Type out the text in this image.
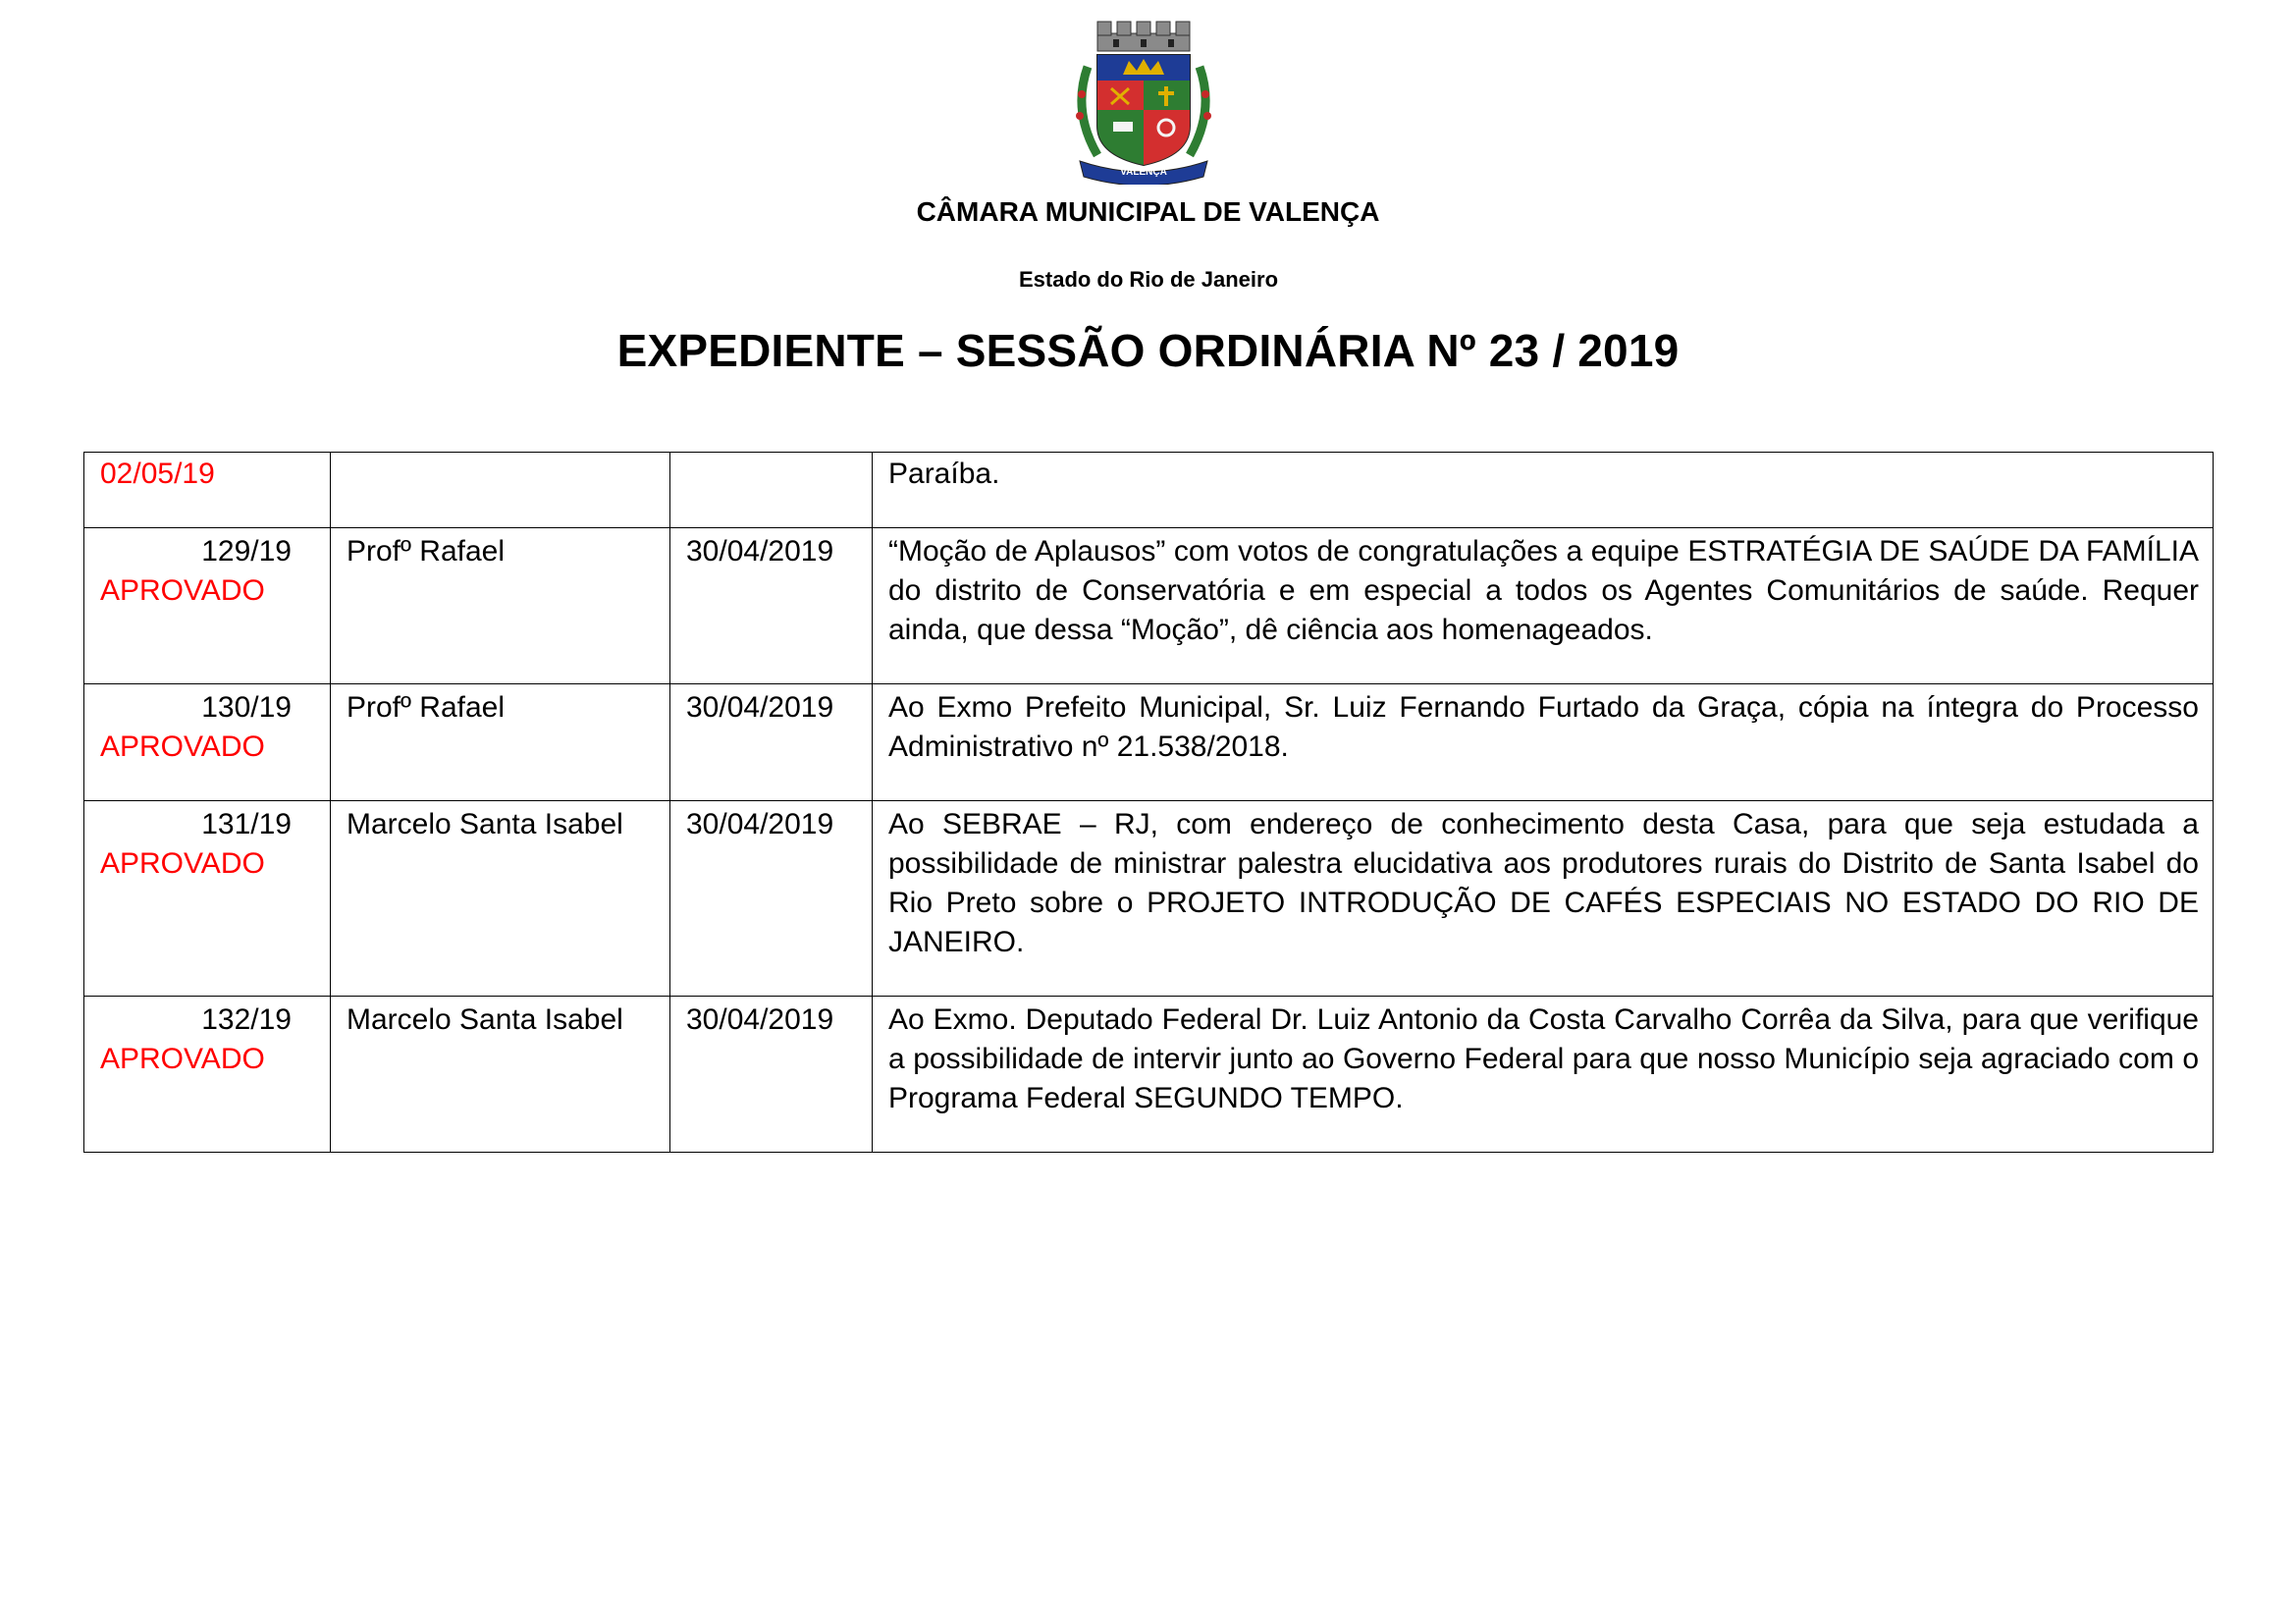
VALENÇA
CÂMARA MUNICIPAL DE VALENÇA
Estado do Rio de Janeiro
EXPEDIENTE – SESSÃO ORDINÁRIA Nº 23 / 2019
02/05/19			Paraíba.

129/19
APROVADO	Profº Rafael	30/04/2019	“Moção de Aplausos” com votos de congratulações a equipe ESTRATÉGIA DE SAÚDE DA FAMÍLIA do distrito de Conservatória e em especial a todos os Agentes Comunitários de saúde. Requer ainda, que dessa “Moção”, dê ciência aos homenageados.

130/19
APROVADO	Profº Rafael	30/04/2019	Ao Exmo Prefeito Municipal, Sr. Luiz Fernando Furtado da Graça, cópia na íntegra do Processo Administrativo nº 21.538/2018.

131/19
APROVADO	Marcelo Santa Isabel	30/04/2019	Ao SEBRAE – RJ, com endereço de conhecimento desta Casa, para que seja estudada a possibilidade de ministrar palestra elucidativa aos produtores rurais do Distrito de Santa Isabel do Rio Preto sobre o PROJETO INTRODUÇÃO DE CAFÉS ESPECIAIS NO ESTADO DO RIO DE JANEIRO.

132/19
APROVADO	Marcelo Santa Isabel	30/04/2019	Ao Exmo. Deputado Federal Dr. Luiz Antonio da Costa Carvalho Corrêa da Silva, para que verifique a possibilidade de intervir junto ao Governo Federal para que nosso Município seja agraciado com o Programa Federal SEGUNDO TEMPO.
